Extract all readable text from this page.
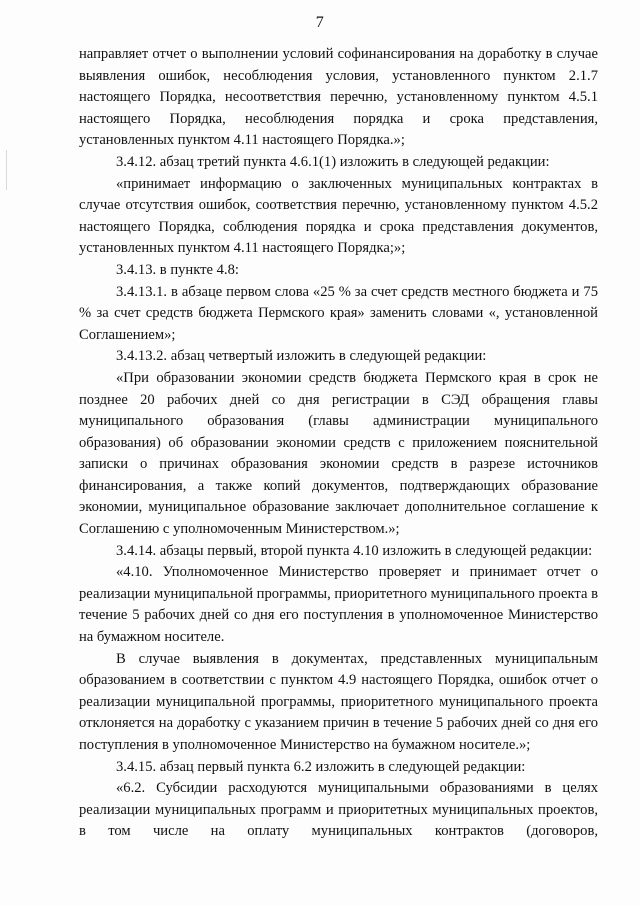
7

направляет отчет о выполнении условий софинансирования на доработку в случае выявления ошибок, несоблюдения условия, установленного пунктом 2.1.7 настоящего Порядка, несоответствия перечню, установленному пунктом 4.5.1 настоящего Порядка, несоблюдения порядка и срока представления, установленных пунктом 4.11 настоящего Порядка.»;

3.4.12. абзац третий пункта 4.6.1(1) изложить в следующей редакции:

«принимает информацию о заключенных муниципальных контрактах в случае отсутствия ошибок, соответствия перечню, установленному пунктом 4.5.2 настоящего Порядка, соблюдения порядка и срока представления документов, установленных пунктом 4.11 настоящего Порядка;»;

3.4.13. в пункте 4.8:

3.4.13.1. в абзаце первом слова «25 % за счет средств местного бюджета и 75 % за счет средств бюджета Пермского края» заменить словами «, установленной Соглашением»;

3.4.13.2. абзац четвертый изложить в следующей редакции:

«При образовании экономии средств бюджета Пермского края в срок не позднее 20 рабочих дней со дня регистрации в СЭД обращения главы муниципального образования (главы администрации муниципального образования) об образовании экономии средств с приложением пояснительной записки о причинах образования экономии средств в разрезе источников финансирования, а также копий документов, подтверждающих образование экономии, муниципальное образование заключает дополнительное соглашение к Соглашению с уполномоченным Министерством.»;

3.4.14. абзацы первый, второй пункта 4.10 изложить в следующей редакции:

«4.10. Уполномоченное Министерство проверяет и принимает отчет о реализации муниципальной программы, приоритетного муниципального проекта в течение 5 рабочих дней со дня его поступления в уполномоченное Министерство на бумажном носителе.

В случае выявления в документах, представленных муниципальным образованием в соответствии с пунктом 4.9 настоящего Порядка, ошибок отчет о реализации муниципальной программы, приоритетного муниципального проекта отклоняется на доработку с указанием причин в течение 5 рабочих дней со дня его поступления в уполномоченное Министерство на бумажном носителе.»;

3.4.15. абзац первый пункта 6.2 изложить в следующей редакции:

«6.2. Субсидии расходуются муниципальными образованиями в целях реализации муниципальных программ и приоритетных муниципальных проектов, в том числе на оплату муниципальных контрактов (договоров,
